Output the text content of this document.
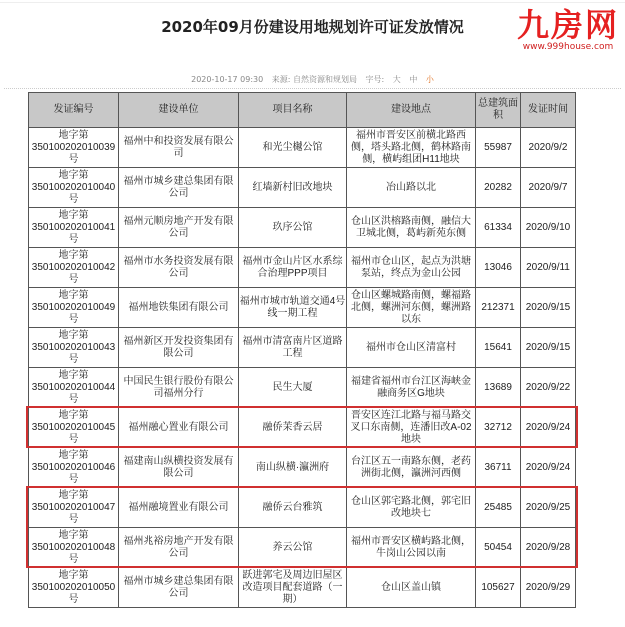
2020年09月份建设用地规划许可证发放情况
2020-10-17 09:30 来源: 自然资源和规划局 字号: 大 中 小
发证编号	建设单位	项目名称	建设地点	总建筑面积	发证时间
地字第350100202010039号	福州中和投资发展有限公司	和光尘樾公馆	福州市晋安区前横北路西侧，塔头路北侧，鹤林路南侧，横屿组团H11地块	55987	2020/9/2
地字第350100202010040号	福州市城乡建总集团有限公司	红墙新村旧改地块	冶山路以北	20282	2020/9/7
地字第350100202010041号	福州元顺房地产开发有限公司	玖序公馆	仓山区洪榕路南侧，融信大卫城北侧，葛屿新苑东侧	61334	2020/9/10
地字第350100202010042号	福州市水务投资发展有限公司	福州市金山片区水系综合治理PPP项目	福州市仓山区，起点为洪塘泵站，终点为金山公园	13046	2020/9/11
地字第350100202010049号	福州地铁集团有限公司	福州市城市轨道交通4号线一期工程	仓山区螺城路南侧，螺福路北侧，螺洲河东侧，螺洲路以东	212371	2020/9/15
地字第350100202010043号	福州新区开发投资集团有限公司	福州市清富南片区道路工程	福州市仓山区清富村	15641	2020/9/15
地字第350100202010044号	中国民生银行股份有限公司福州分行	民生大厦	福建省福州市台江区海峡金融商务区G地块	13689	2020/9/22
地字第350100202010045号	福州融心置业有限公司	融侨茉香云居	晋安区连江北路与福马路交叉口东南侧，连潘旧改A-02地块	32712	2020/9/24
地字第350100202010046号	福建南山纵横投资发展有限公司	南山纵横·瀛洲府	台江区五一南路东侧，老药洲街北侧，瀛洲河西侧	36711	2020/9/24
地字第350100202010047号	福州融境置业有限公司	融侨云台雅筑	仓山区郭宅路北侧，郭宅旧改地块七	25485	2020/9/25
地字第350100202010048号	福州兆裕房地产开发有限公司	养云公馆	福州市晋安区横屿路北侧，牛岗山公园以南	50454	2020/9/28
地字第350100202010050号	福州市城乡建总集团有限公司	跃进郭宅及周边旧屋区改造项目配套道路（一期）	仓山区盖山镇	105627	2020/9/29
九房网
www.999house.com
